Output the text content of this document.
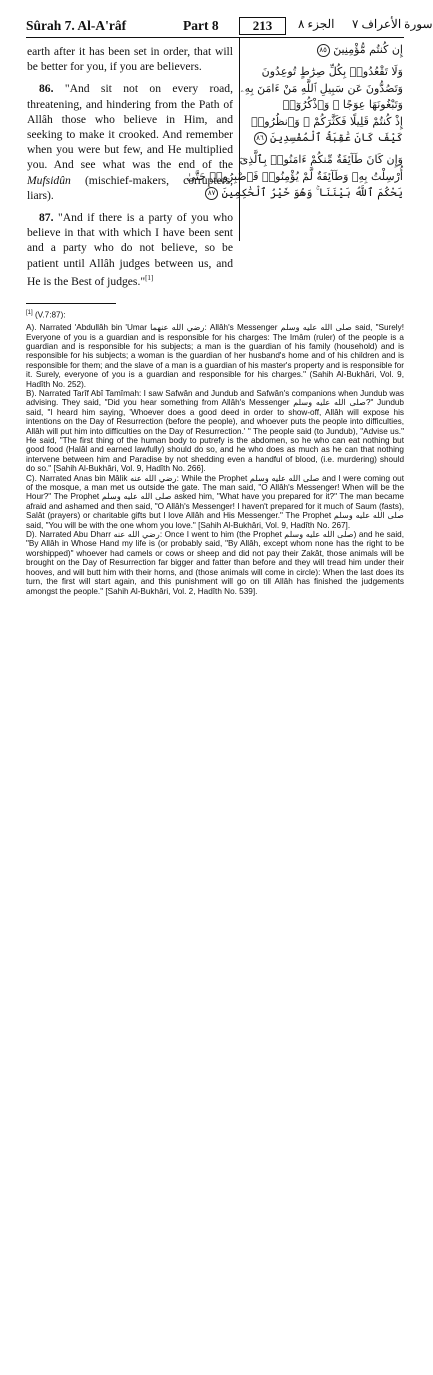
Sûrah 7. Al-A'râf	Part 8	213	الجزء ٨ سورة الأعراف ٧

earth after it has been set in order, that will be better for you, if you are believers.

86. "And sit not on every road, threatening, and hindering from the Path of Allâh those who believe in Him, and seeking to make it crooked. And remember when you were but few, and He multiplied you. And see what was the end of the Mufsidûn (mischief-makers, corrupters, liars).

87. "And if there is a party of you who believe in that with which I have been sent and a party who do not believe, so be patient until Allâh judges between us, and He is the Best of judges."[1]

إِن كُنتُم مُّؤْمِنِينَ ٨٥
وَلَا تَقْعُدُوا۟ بِكُلِّ صِرَٰطٍ تُوعِدُونَ
وَتَصُدُّونَ عَن سَبِيلِ ٱللَّهِ مَنْ ءَامَنَ بِهِۦ
وَتَبْغُونَهَا عِوَجًا ۚ وَٱذْكُرُوٓا۟
إِذْ كُنتُمْ قَلِيلًا فَكَثَّرَكُمْ ۖ وَٱنظُرُوا۟
كَيْفَ كَانَ عَٰقِبَةُ ٱلْمُفْسِدِينَ ٨٦
وَإِن كَانَ طَآئِفَةٌ مِّنكُمْ ءَامَنُوا۟ بِٱلَّذِىٓ
أُرْسِلْتُ بِهِۦ وَطَآئِفَةٌ لَّمْ يُؤْمِنُوا۟ فَٱصْبِرُوا۟ حَتَّىٰ
يَحْكُمَ ٱللَّهُ بَيْنَنَا ۚ وَهُوَ خَيْرُ ٱلْحَٰكِمِينَ ٨٧

[1] (V.7:87):

A). Narrated 'Abdullâh bin 'Umar رضي الله عنهما: Allâh's Messenger صلى الله عليه وسلم said, "Surely! Everyone of you is a guardian and is responsible for his charges: The Imâm (ruler) of the people is a guardian and is responsible for his subjects; a man is the guardian of his family (household) and is responsible for his subjects; a woman is the guardian of her husband's home and of his children and is responsible for them; and the slave of a man is a guardian of his master's property and is responsible for it. Surely, everyone of you is a guardian and responsible for his charges." (Sahih Al-Bukhâri, Vol. 9, Hadîth No. 252).

B). Narrated Tarîf Abî Tamîmah: I saw Safwân and Jundub and Safwân's companions when Jundub was advising. They said, "Did you hear something from Allâh's Messenger صلى الله عليه وسلم?" Jundub said, "I heard him saying, 'Whoever does a good deed in order to show-off, Allâh will expose his intentions on the Day of Resurrection (before the people), and whoever puts the people into difficulties, Allâh will put him into difficulties on the Day of Resurrection.' " The people said (to Jundub), "Advise us." He said, "The first thing of the human body to putrefy is the abdomen, so he who can eat nothing but good food (Halâl and earned lawfully) should do so, and he who does as much as he can that nothing intervene between him and Paradise by not shedding even a handful of blood, (i.e. murdering) should do so." [Sahih Al-Bukhâri, Vol. 9, Hadîth No. 266].

C). Narrated Anas bin Mâlik رضي الله عنه: While the Prophet صلى الله عليه وسلم and I were coming out of the mosque, a man met us outside the gate. The man said, "O Allâh's Messenger! When will be the Hour?" The Prophet صلى الله عليه وسلم asked him, "What have you prepared for it?" The man became afraid and ashamed and then said, "O Allâh's Messenger! I haven't prepared for it much of Saum (fasts), Salât (prayers) or charitable gifts but I love Allâh and His Messenger." The Prophet صلى الله عليه وسلم said, "You will be with the one whom you love." [Sahih Al-Bukhâri, Vol. 9, Hadîth No. 267].

D). Narrated Abu Dharr رضي الله عنه: Once I went to him (the Prophet صلى الله عليه وسلم) and he said, "By Allâh in Whose Hand my life is (or probably said, "By Allâh, except whom none has the right to be worshipped)" whoever had camels or cows or sheep and did not pay their Zakât, those animals will be brought on the Day of Resurrection far bigger and fatter than before and they will tread him under their hooves, and will butt him with their horns, and (those animals will come in circle): When the last does its turn, the first will start again, and this punishment will go on till Allâh has finished the judgements amongst the people." [Sahih Al-Bukhâri, Vol. 2, Hadîth No. 539].
